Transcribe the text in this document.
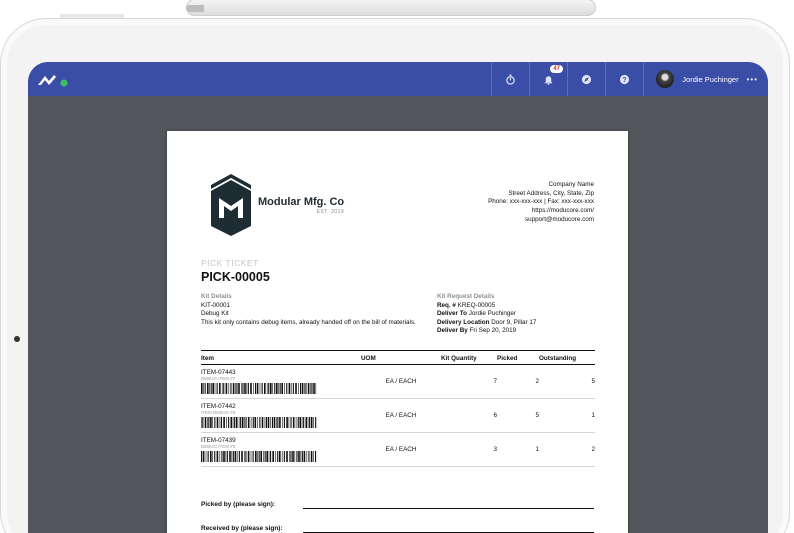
47
?	Jordie Puchinger •••
Modular Mfg. Co
EST. 2019
Company Name
Street Address, City, State, Zip
Phone: xxx-xxx-xxx | Fax: xxx-xxx-xxx
https://moducore.com/
support@moducore.com
PICK TICKET
PICK-00005
Kit Details
KIT-00001
Debug Kit
This kit only contains debug items, already handed off on the bill of materials.
Kit Request Details
Req. # KREQ-00005
Deliver To Jordie Puchinger
Delivery Location Door 9, Pillar 17
Deliver By Fri Sep 20, 2019
Item	UOM	Kit Quantity	Picked	Outstanding

ITEM-07443
DEBUG ITEM #7	EA / EACH	7	2	5

ITEM-07442
ITEM DEBUG #6	EA / EACH	6	5	1

ITEM-07439
DEBUG ITEM #3	EA / EACH	3	1	2
Picked by (please sign):
Received by (please sign):
